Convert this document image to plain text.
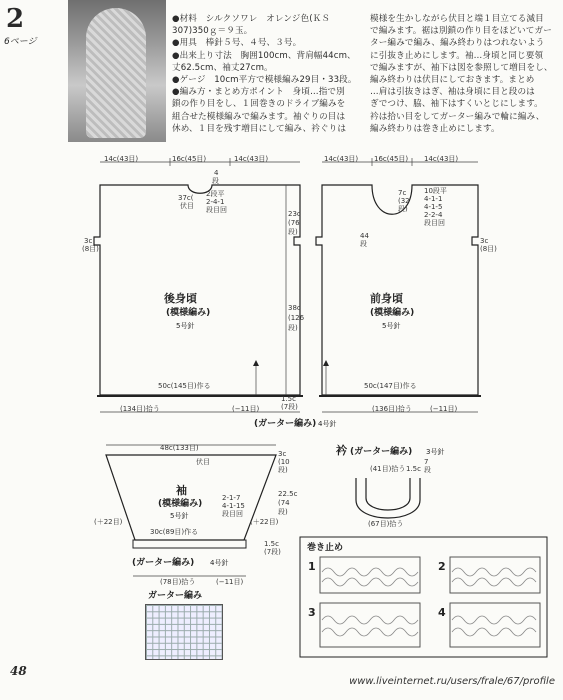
2
6ページ
●材料　シルクソワレ　オレンジ色(ＫＳ
307)350ｇ＝９玉。
●用具　棒針５号、４号、３号。
●出来上り寸法　胸囲100cm、背肩幅44cm、
丈62.5cm、袖丈27cm。
●ゲージ　10cm平方で模様編み29目・33段。
●編み方・まとめ方ポイント　身頃…指で別
鎖の作り目をし、１回巻きのドライブ編みを
組合せた模様編みで編みます。袖ぐりの目は
休め、１目を残す増目にして編み、衿ぐりは
模様を生かしながら伏目と端１目立てる減目
で編みます。裾は別鎖の作り目をほどいてガー
ター編みで編み、編み終わりはつれないよう
に引抜き止めにします。袖…身頃と同じ要領
で編みますが、袖下は図を参照して増目をし、
編み終わりは伏目にしておきます。まとめ
…肩は引抜きはぎ、袖は身頃に目と段のは
ぎでつけ、脇、袖下はすくいとじにします。
衿は拾い目をしてガーター編みで輪に編み、
編み終わりは巻き止めにします。
14c(43目)	16c(45目)	14c(43目)
4
段
37c(
伏目
2段平
2-4-1
段目回	23c
(76
段)
38c
(126
段)
3c
(8目)
後身頃
(模様編み)
5号針
50c(145目)作る
(134目)拾う	(−11目)
1.5c
(7段)
14c(43目) 16c(45目) 14c(43目)
7c
(32
段)
10段平
4-1-1
4-1-5
2-2-4
段目回
44
段	3c
(8目)
前身頃
(模様編み)
5号針
50c(147目)作る
(136目)拾う	(−11目)
(ガーター編み) 4号針
48c(133目)
伏目
2-1-7
4-1-15
段目回
3c
(10
段)
22.5c
(74
段)
袖
(模様編み)
5号針
30c(89目)作る
(＋22目)	(＋22目)
(ガーター編み) 4号針
(78目)拾う	(−11目)
1.5c
(7段)
衿 (ガーター編み) 3号針
(41目)拾う 1.5c
7
段
(67目)拾う
巻き止め
1	2
3	4
ガーター編み
48
www.liveinternet.ru/users/frale/67/profile
